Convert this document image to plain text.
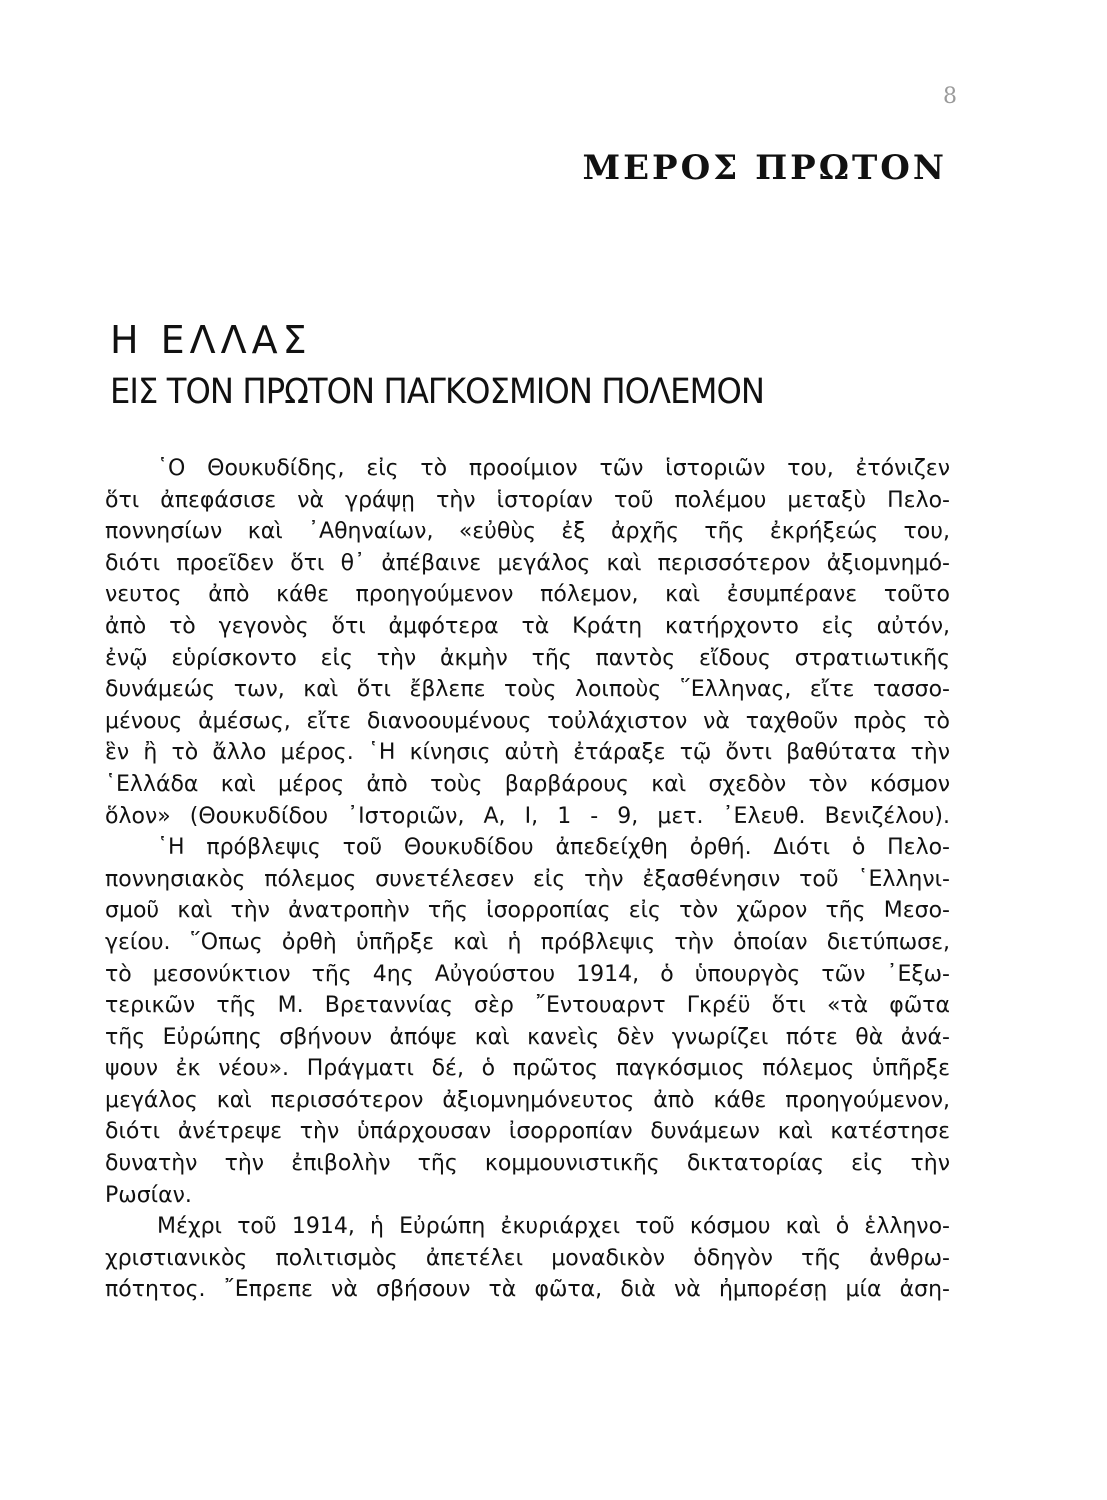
8
ΜΕΡΟΣ ΠΡΩΤΟΝ
Η ΕΛΛΑΣ
ΕΙΣ ΤΟΝ ΠΡΩΤΟΝ ΠΑΓΚΟΣΜΙΟΝ ΠΟΛΕΜΟΝ
῾Ο Θουκυδίδης, εἰς τὸ προοίμιον τῶν ἱστοριῶν του, ἐτόνιζεν
ὅτι ἀπεφάσισε νὰ γράψῃ τὴν ἱστορίαν τοῦ πολέμου μεταξὺ Πελο-
ποννησίων καὶ ᾽Αθηναίων, «εὐθὺς ἐξ ἀρχῆς τῆς ἐκρήξεώς του,
διότι προεῖδεν ὅτι θ᾽ ἀπέβαινε μεγάλος καὶ περισσότερον ἀξιομνημό-
νευτος ἀπὸ κάθε προηγούμενον πόλεμον, καὶ ἐσυμπέρανε τοῦτο
ἀπὸ τὸ γεγονὸς ὅτι ἀμφότερα τὰ Κράτη κατήρχοντο εἰς αὐτόν,
ἐνῷ εὑρίσκοντο εἰς τὴν ἀκμὴν τῆς παντὸς εἴδους στρατιωτικῆς
δυνάμεώς των, καὶ ὅτι ἔβλεπε τοὺς λοιποὺς ῞Ελληνας, εἴτε τασσο-
μένους ἀμέσως, εἴτε διανοουμένους τοὐλάχιστον νὰ ταχθοῦν πρὸς τὸ
ἓν ἢ τὸ ἄλλο μέρος. ῾Η κίνησις αὐτὴ ἐτάραξε τῷ ὄντι βαθύτατα τὴν
῾Ελλάδα καὶ μέρος ἀπὸ τοὺς βαρβάρους καὶ σχεδὸν τὸν κόσμον
ὅλον» (Θουκυδίδου ᾽Ιστοριῶν, Α, Ι, 1 - 9, μετ. ᾽Ελευθ. Βενιζέλου).
῾Η πρόβλεψις τοῦ Θουκυδίδου ἀπεδείχθη ὀρθή. Διότι ὁ Πελο-
ποννησιακὸς πόλεμος συνετέλεσεν εἰς τὴν ἐξασθένησιν τοῦ ῾Ελληνι-
σμοῦ καὶ τὴν ἀνατροπὴν τῆς ἰσορροπίας εἰς τὸν χῶρον τῆς Μεσο-
γείου. ῞Οπως ὀρθὴ ὑπῆρξε καὶ ἡ πρόβλεψις τὴν ὁποίαν διετύπωσε,
τὸ μεσονύκτιον τῆς 4ης Αὐγούστου 1914, ὁ ὑπουργὸς τῶν ᾽Εξω-
τερικῶν τῆς Μ. Βρεταννίας σὲρ ῎Εντουαρντ Γκρέϋ ὅτι «τὰ φῶτα
τῆς Εὐρώπης σβήνουν ἀπόψε καὶ κανεὶς δὲν γνωρίζει πότε θὰ ἀνά-
ψουν ἐκ νέου». Πράγματι δέ, ὁ πρῶτος παγκόσμιος πόλεμος ὑπῆρξε
μεγάλος καὶ περισσότερον ἀξιομνημόνευτος ἀπὸ κάθε προηγούμενον,
διότι ἀνέτρεψε τὴν ὑπάρχουσαν ἰσορροπίαν δυνάμεων καὶ κατέστησε
δυνατὴν τὴν ἐπιβολὴν τῆς κομμουνιστικῆς δικτατορίας εἰς τὴν
Ρωσίαν.
Μέχρι τοῦ 1914, ἡ Εὐρώπη ἐκυριάρχει τοῦ κόσμου καὶ ὁ ἑλληνο-
χριστιανικὸς πολιτισμὸς ἀπετέλει μοναδικὸν ὁδηγὸν τῆς ἀνθρω-
πότητος. ῎Επρεπε νὰ σβήσουν τὰ φῶτα, διὰ νὰ ἠμπορέσῃ μία ἀση-
